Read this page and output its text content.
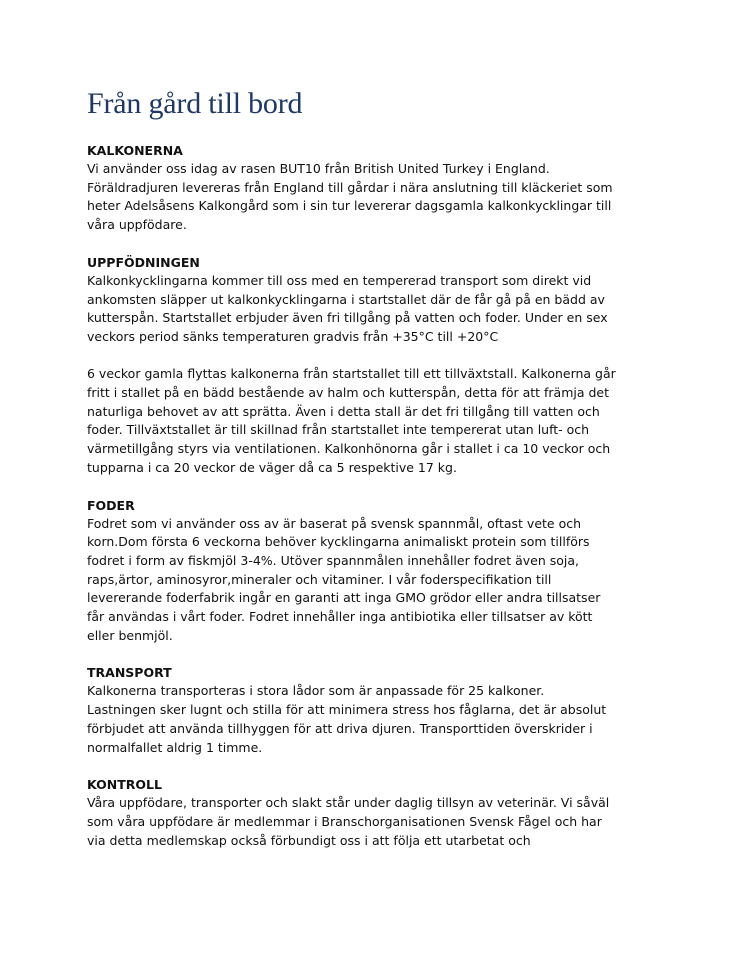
Från gård till bord
KALKONERNA
Vi använder oss idag av rasen BUT10 från British United Turkey i England.
Föräldradjuren levereras från England till gårdar i nära anslutning till kläckeriet som
heter Adelsåsens Kalkongård som i sin tur levererar dagsgamla kalkonkycklingar till
våra uppfödare.
UPPFÖDNINGEN
Kalkonkycklingarna kommer till oss med en tempererad transport som direkt vid
ankomsten släpper ut kalkonkycklingarna i startstallet där de får gå på en bädd av
kutterspån. Startstallet erbjuder även fri tillgång på vatten och foder. Under en sex
veckors period sänks temperaturen gradvis från +35°C till +20°C
6 veckor gamla flyttas kalkonerna från startstallet till ett tillväxtstall. Kalkonerna går
fritt i stallet på en bädd bestående av halm och kutterspån, detta för att främja det
naturliga behovet av att sprätta. Även i detta stall är det fri tillgång till vatten och
foder. Tillväxtstallet är till skillnad från startstallet inte tempererat utan luft- och
värmetillgång styrs via ventilationen. Kalkonhönorna går i stallet i ca 10 veckor och
tupparna i ca 20 veckor de väger då ca 5 respektive 17 kg.
FODER
Fodret som vi använder oss av är baserat på svensk spannmål, oftast vete och
korn.Dom första 6 veckorna behöver kycklingarna animaliskt protein som tillförs
fodret i form av fiskmjöl 3-4%. Utöver spannmålen innehåller fodret även soja,
raps,ärtor, aminosyror,mineraler och vitaminer. I vår foderspecifikation till
levererande foderfabrik ingår en garanti att inga GMO grödor eller andra tillsatser
får användas i vårt foder. Fodret innehåller inga antibiotika eller tillsatser av kött
eller benmjöl.
TRANSPORT
Kalkonerna transporteras i stora lådor som är anpassade för 25 kalkoner.
Lastningen sker lugnt och stilla för att minimera stress hos fåglarna, det är absolut
förbjudet att använda tillhyggen för att driva djuren. Transporttiden överskrider i
normalfallet aldrig 1 timme.
KONTROLL
Våra uppfödare, transporter och slakt står under daglig tillsyn av veterinär. Vi såväl
som våra uppfödare är medlemmar i Branschorganisationen Svensk Fågel och har
via detta medlemskap också förbundigt oss i att följa ett utarbetat och
